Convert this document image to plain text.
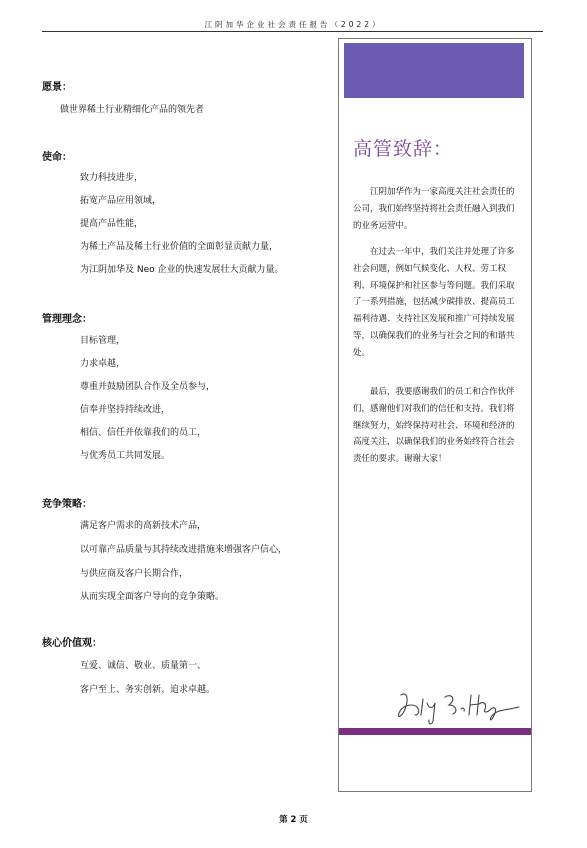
江阴加华企业社会责任报告（2022）
愿景：
做世界稀土行业精细化产品的领先者
使命：
致力科技进步，
拓宽产品应用领域，
提高产品性能，
为稀土产品及稀土行业价值的全面彰显贡献力量，
为江阴加华及 Neo 企业的快速发展壮大贡献力量。
管理理念：
目标管理，
力求卓越，
尊重并鼓励团队合作及全员参与，
信奉并坚持持续改进，
相信、信任并依靠我们的员工，
与优秀员工共同发展。
竞争策略：
满足客户需求的高新技术产品，
以可靠产品质量与其持续改进措施来增强客户信心，
与供应商及客户长期合作，
从而实现全面客户导向的竞争策略。
核心价值观：
互爱、诚信、敬业、质量第一、
客户至上、务实创新、追求卓越。
高管致辞：
江阴加华作为一家高度关注社会责任的公司，我们始终坚持将社会责任融入到我们的业务运营中。
在过去一年中，我们关注并处理了许多社会问题，例如气候变化、人权、劳工权利、环境保护和社区参与等问题。我们采取了一系列措施，包括减少碳排放、提高员工福利待遇、支持社区发展和推广可持续发展等，以确保我们的业务与社会之间的和谐共处。
最后，我要感谢我们的员工和合作伙伴们，感谢他们对我们的信任和支持。我们将继续努力，始终保持对社会、环境和经济的高度关注，以确保我们的业务始终符合社会责任的要求。谢谢大家！
第 2 页
